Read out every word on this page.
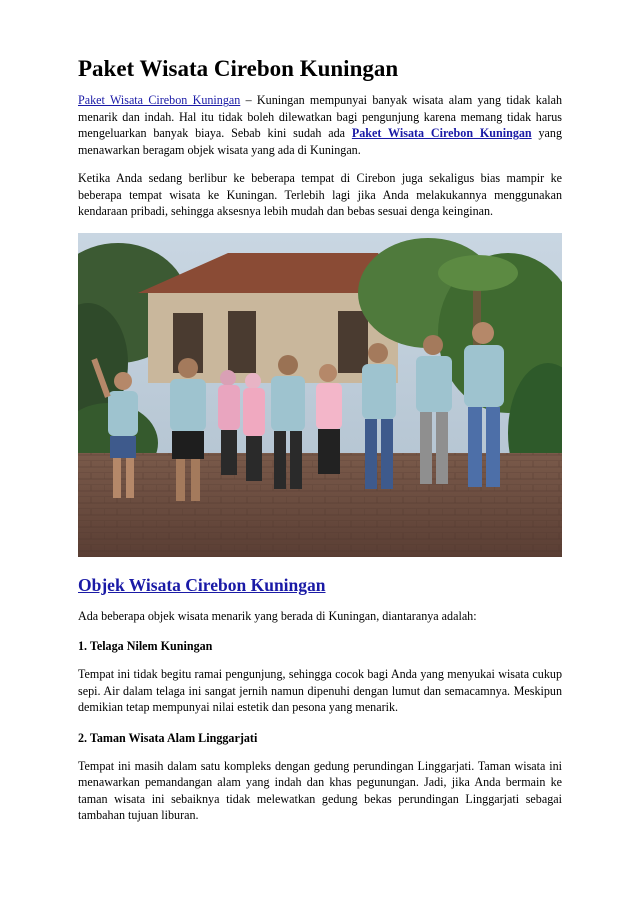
Paket Wisata Cirebon Kuningan

Paket Wisata Cirebon Kuningan – Kuningan mempunyai banyak wisata alam yang tidak kalah menarik dan indah. Hal itu tidak boleh dilewatkan bagi pengunjung karena memang tidak harus mengeluarkan banyak biaya. Sebab kini sudah ada Paket Wisata Cirebon Kuningan yang menawarkan beragam objek wisata yang ada di Kuningan.

Ketika Anda sedang berlibur ke beberapa tempat di Cirebon juga sekaligus bias mampir ke beberapa tempat wisata ke Kuningan. Terlebih lagi jika Anda melakukannya menggunakan kendaraan pribadi, sehingga aksesnya lebih mudah dan bebas sesuai denga keinginan.

Objek Wisata Cirebon Kuningan

Ada beberapa objek wisata menarik yang berada di Kuningan, diantaranya adalah:

1. Telaga Nilem Kuningan

Tempat ini tidak begitu ramai pengunjung, sehingga cocok bagi Anda yang menyukai wisata cukup sepi. Air dalam telaga ini sangat jernih namun dipenuhi dengan lumut dan semacamnya. Meskipun demikian tetap mempunyai nilai estetik dan pesona yang menarik.

2. Taman Wisata Alam Linggarjati

Tempat ini masih dalam satu kompleks dengan gedung perundingan Linggarjati. Taman wisata ini menawarkan pemandangan alam yang indah dan khas pegunungan. Jadi, jika Anda bermain ke taman wisata ini sebaiknya tidak melewatkan gedung bekas perundingan Linggarjati sebagai tambahan tujuan liburan.
